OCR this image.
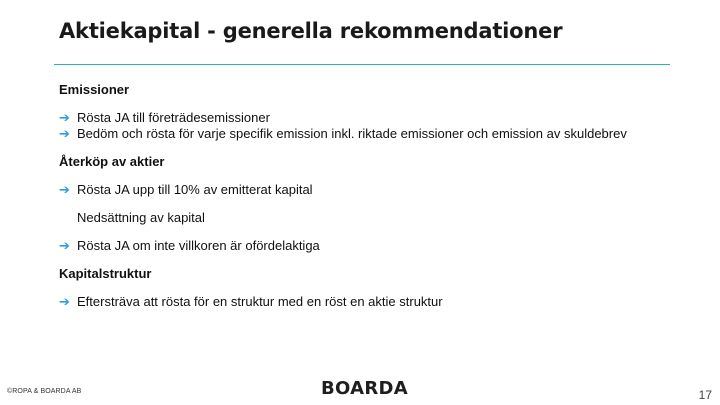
Aktiekapital - generella rekommendationer

Emissioner

➔ Rösta JA till företrädesemissioner

➔ Bedöm och rösta för varje specifik emission inkl. riktade emissioner och emission av skuldebrev

Återköp av aktier

➔ Rösta JA upp till 10% av emitterat kapital

Nedsättning av kapital

➔ Rösta JA om inte villkoren är ofördelaktiga

Kapitalstruktur

➔ Eftersträva att rösta för en struktur med en röst en aktie struktur

©ROPA & BOARDA AB	BOARDA	17
